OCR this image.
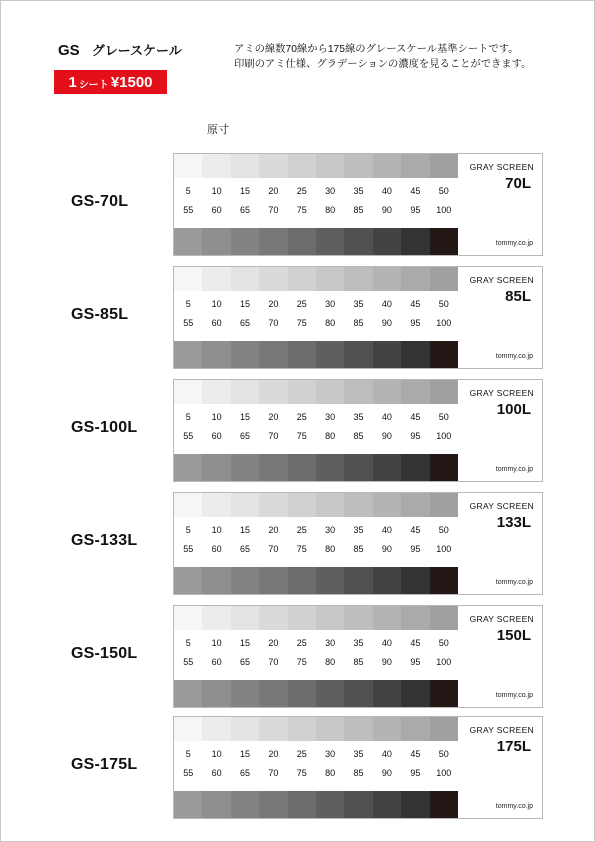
GS グレースケール
1 シート ¥1500
アミの線数70線から175線のグレースケール基準シートです。
印刷のアミ仕様、グラデーションの濃度を見ることができます。
原寸
GS-70L
5	10	15	20	25	30	35	40	45	50
55	60	65	70	75	80	85	90	95	100
GRAY SCREEN
70L
tommy.co.jp
GS-85L
5	10	15	20	25	30	35	40	45	50
55	60	65	70	75	80	85	90	95	100
GRAY SCREEN
85L
tommy.co.jp
GS-100L
5	10	15	20	25	30	35	40	45	50
55	60	65	70	75	80	85	90	95	100
GRAY SCREEN
100L
tommy.co.jp
GS-133L
5	10	15	20	25	30	35	40	45	50
55	60	65	70	75	80	85	90	95	100
GRAY SCREEN
133L
tommy.co.jp
GS-150L
5	10	15	20	25	30	35	40	45	50
55	60	65	70	75	80	85	90	95	100
GRAY SCREEN
150L
tommy.co.jp
GS-175L
5	10	15	20	25	30	35	40	45	50
55	60	65	70	75	80	85	90	95	100
GRAY SCREEN
175L
tommy.co.jp
